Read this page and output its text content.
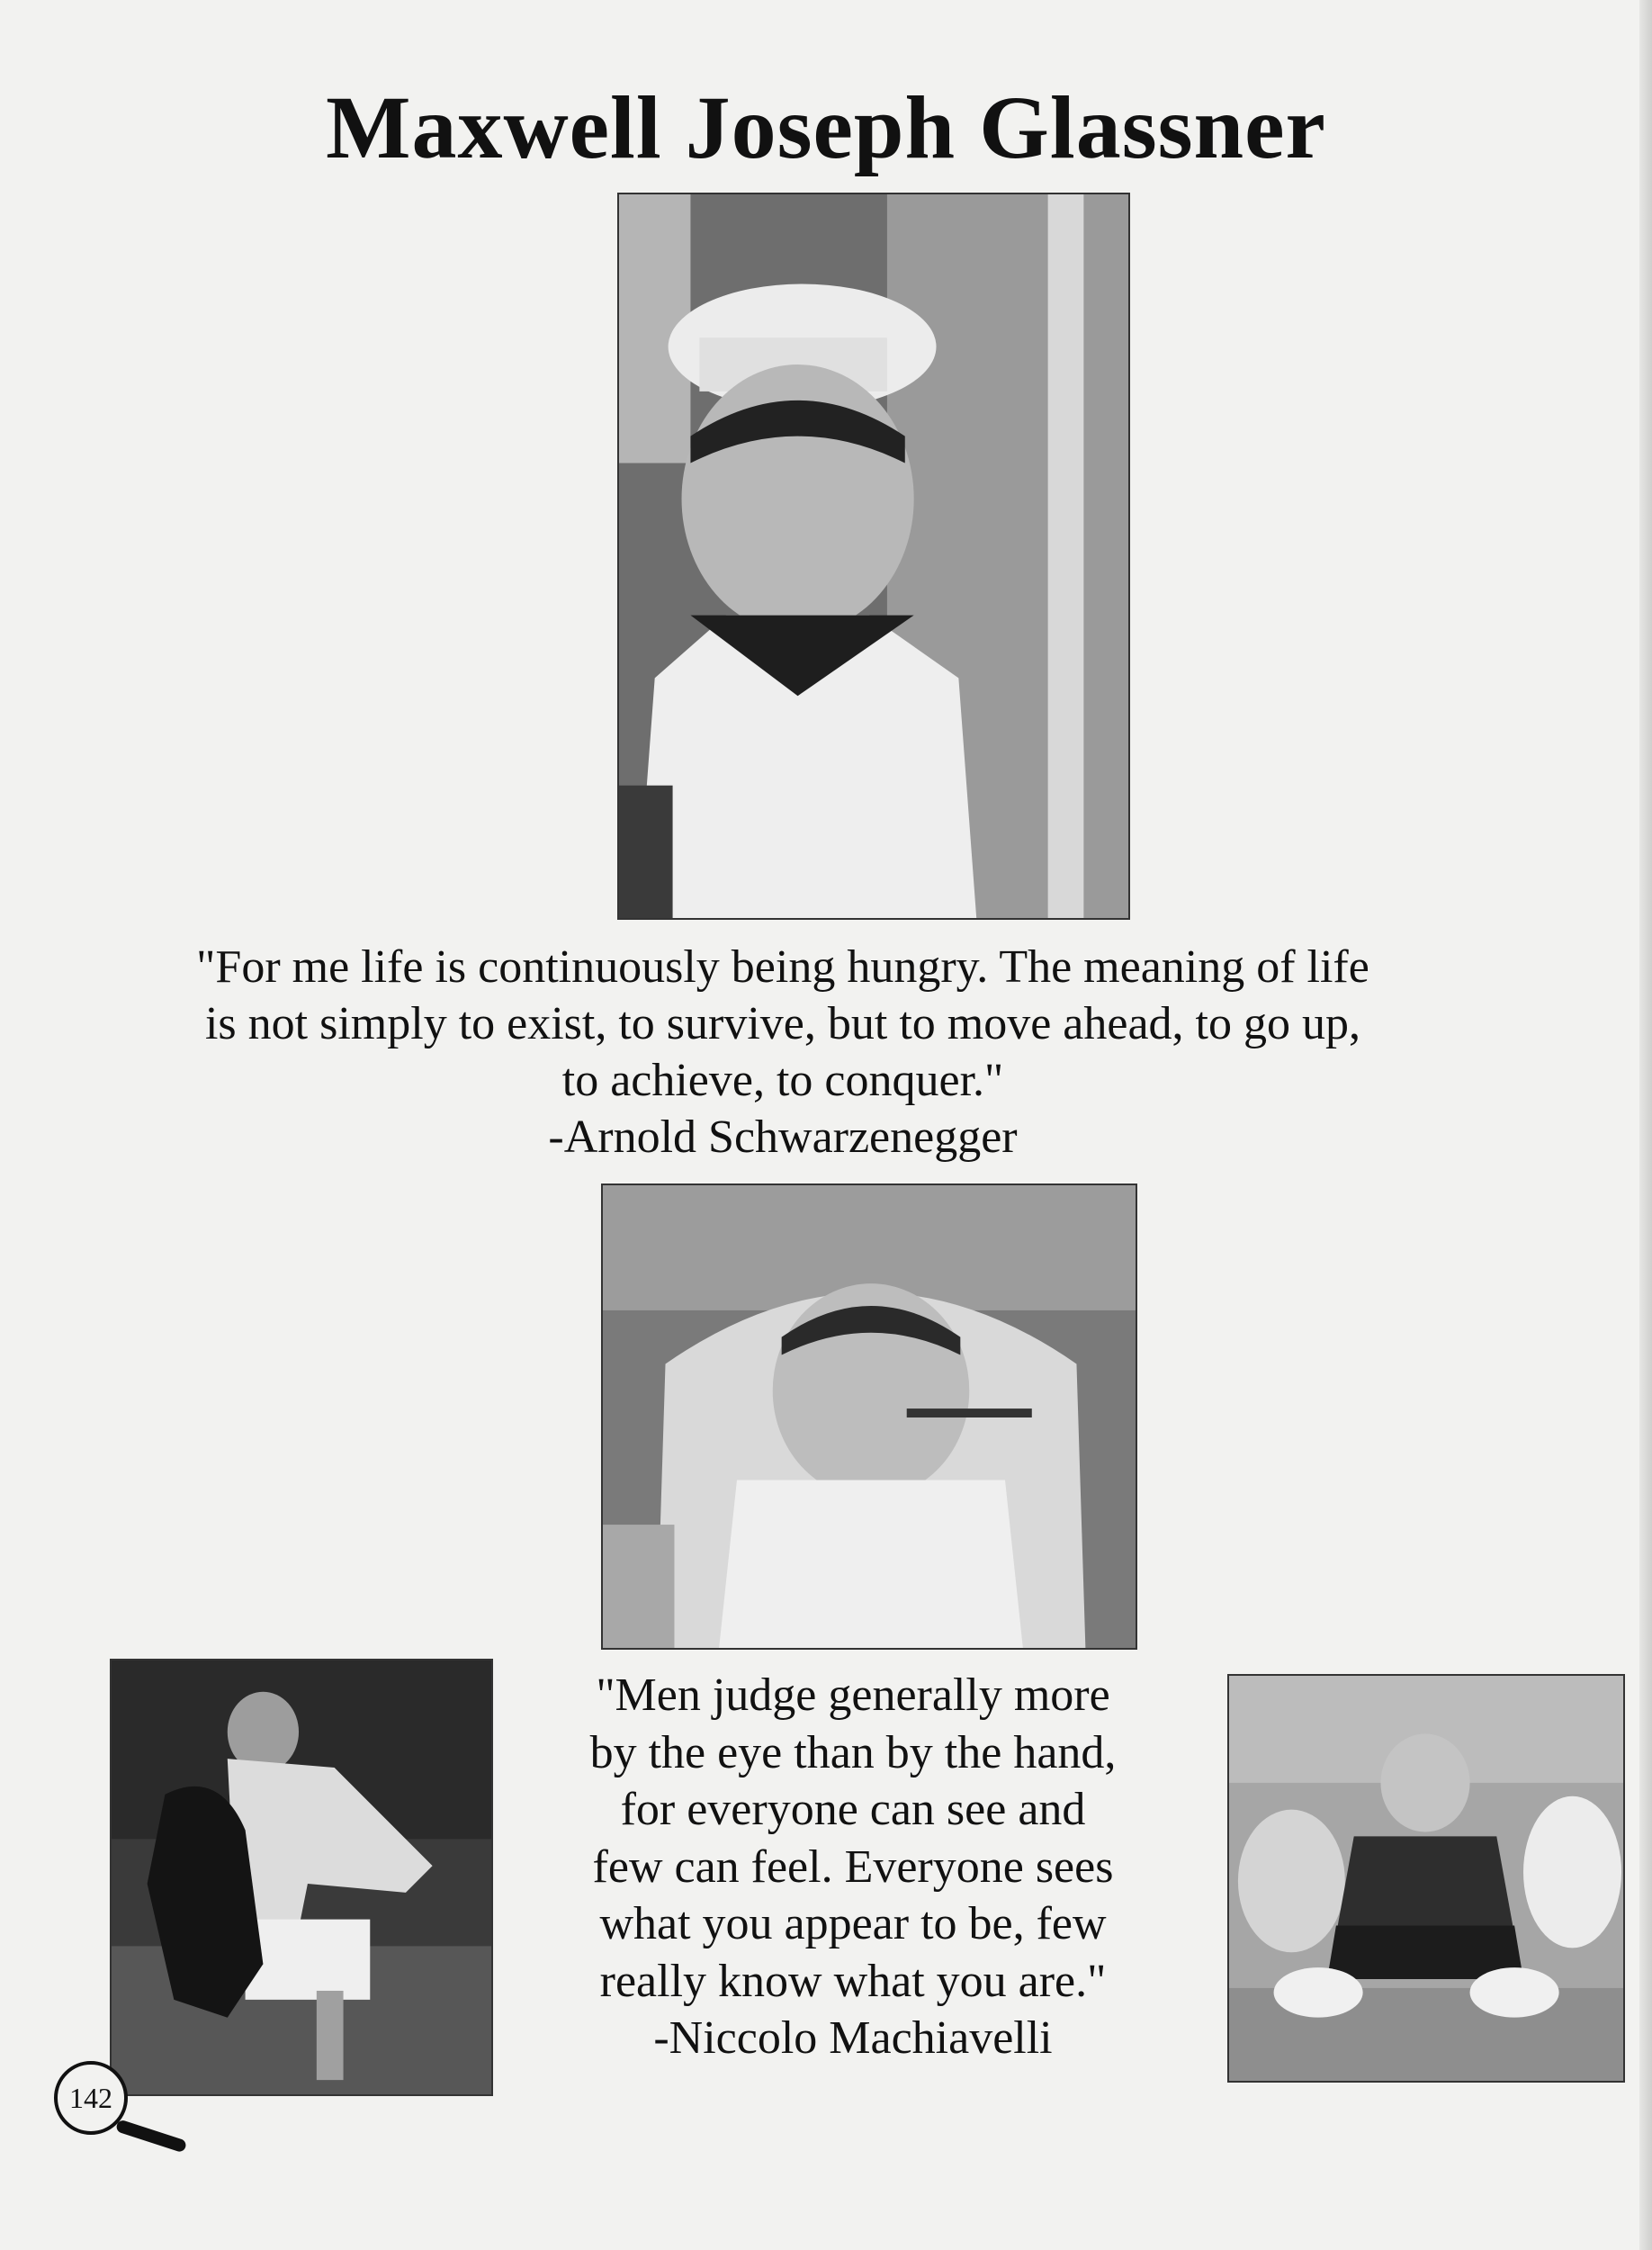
Maxwell Joseph Glassner

"For me life is continuously being hungry. The meaning of life

is not simply to exist, to survive, but to move ahead, to go up,

to achieve, to conquer."

-Arnold Schwarzenegger

"Men judge generally more

by the eye than by the hand,

for everyone can see and

few can feel. Everyone sees

what you appear to be, few

really know what you are."

-Niccolo Machiavelli

142
